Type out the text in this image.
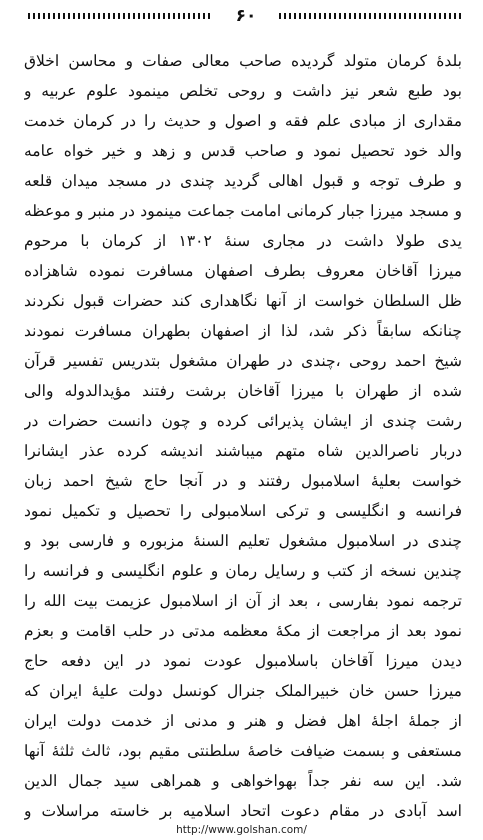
۶۰
بلدهٔ کرمان متولد گردیده صاحب معالی صفات و محاسن اخلاق
بود طبع شعر نیز داشت و روحی تخلص مینمود علوم عربیه و
مقداری از مبادی علم فقه و اصول و حدیث را در کرمان خدمت
والد خود تحصیل نمود و صاحب قدس و زهد و خیر خواه عامه
و طرف توجه و قبول اهالی گردید چندی در مسجد میدان قلعه
و مسجد میرزا جبار کرمانی امامت جماعت مینمود در منبر و موعظه
یدی طولا داشت در مجاری سنهٔ ۱۳۰۲ از کرمان با مرحوم
میرزا آقاخان معروف بطرف اصفهان مسافرت نموده شاهزاده
ظل السلطان خواست از آنها نگاهداری کند حضرات قبول نکردند
چنانکه سابقاً ذکر شد، لذا از اصفهان بطهران مسافرت نمودند
شیخ احمد روحی ،چندی در طهران مشغول بتدریس تفسیر قرآن
شده از طهران با میرزا آقاخان برشت رفتند مؤیدالدوله والی
رشت چندی از ایشان پذیرائی کرده و چون دانست حضرات در
دربار ناصرالدین شاه متهم میباشند اندیشه کرده عذر ایشانرا
خواست بعلیهٔ اسلامبول رفتند و در آنجا حاج شیخ احمد زبان
فرانسه و انگلیسی و ترکی اسلامبولی را تحصیل و تکمیل نمود
چندی در اسلامبول مشغول تعلیم السنهٔ مزبوره و فارسی بود و
چندین نسخه از کتب و رسایل رمان و علوم انگلیسی و فرانسه را
ترجمه نمود بفارسی ، بعد از آن از اسلامبول عزیمت بیت الله را
نمود بعد از مراجعت از مکهٔ معظمه مدتی در حلب اقامت و بعزم
دیدن میرزا آقاخان باسلامبول عودت نمود در این دفعه حاج
میرزا حسن خان خبیرالملک جنرال کونسل دولت علیهٔ ایران که
از جملهٔ اجلهٔ اهل فضل و هنر و مدنی از خدمت دولت ایران
مستعفی و بسمت ضیافت خاصهٔ سلطنتی مقیم بود، ثالث ثلثهٔ آنها
شد. این سه نفر جداً بهواخواهی و همراهی سید جمال الدین
اسد آبادی در مقام دعوت اتحاد اسلامیه بر خاسته مراسلات و
http://www.golshan.com/
